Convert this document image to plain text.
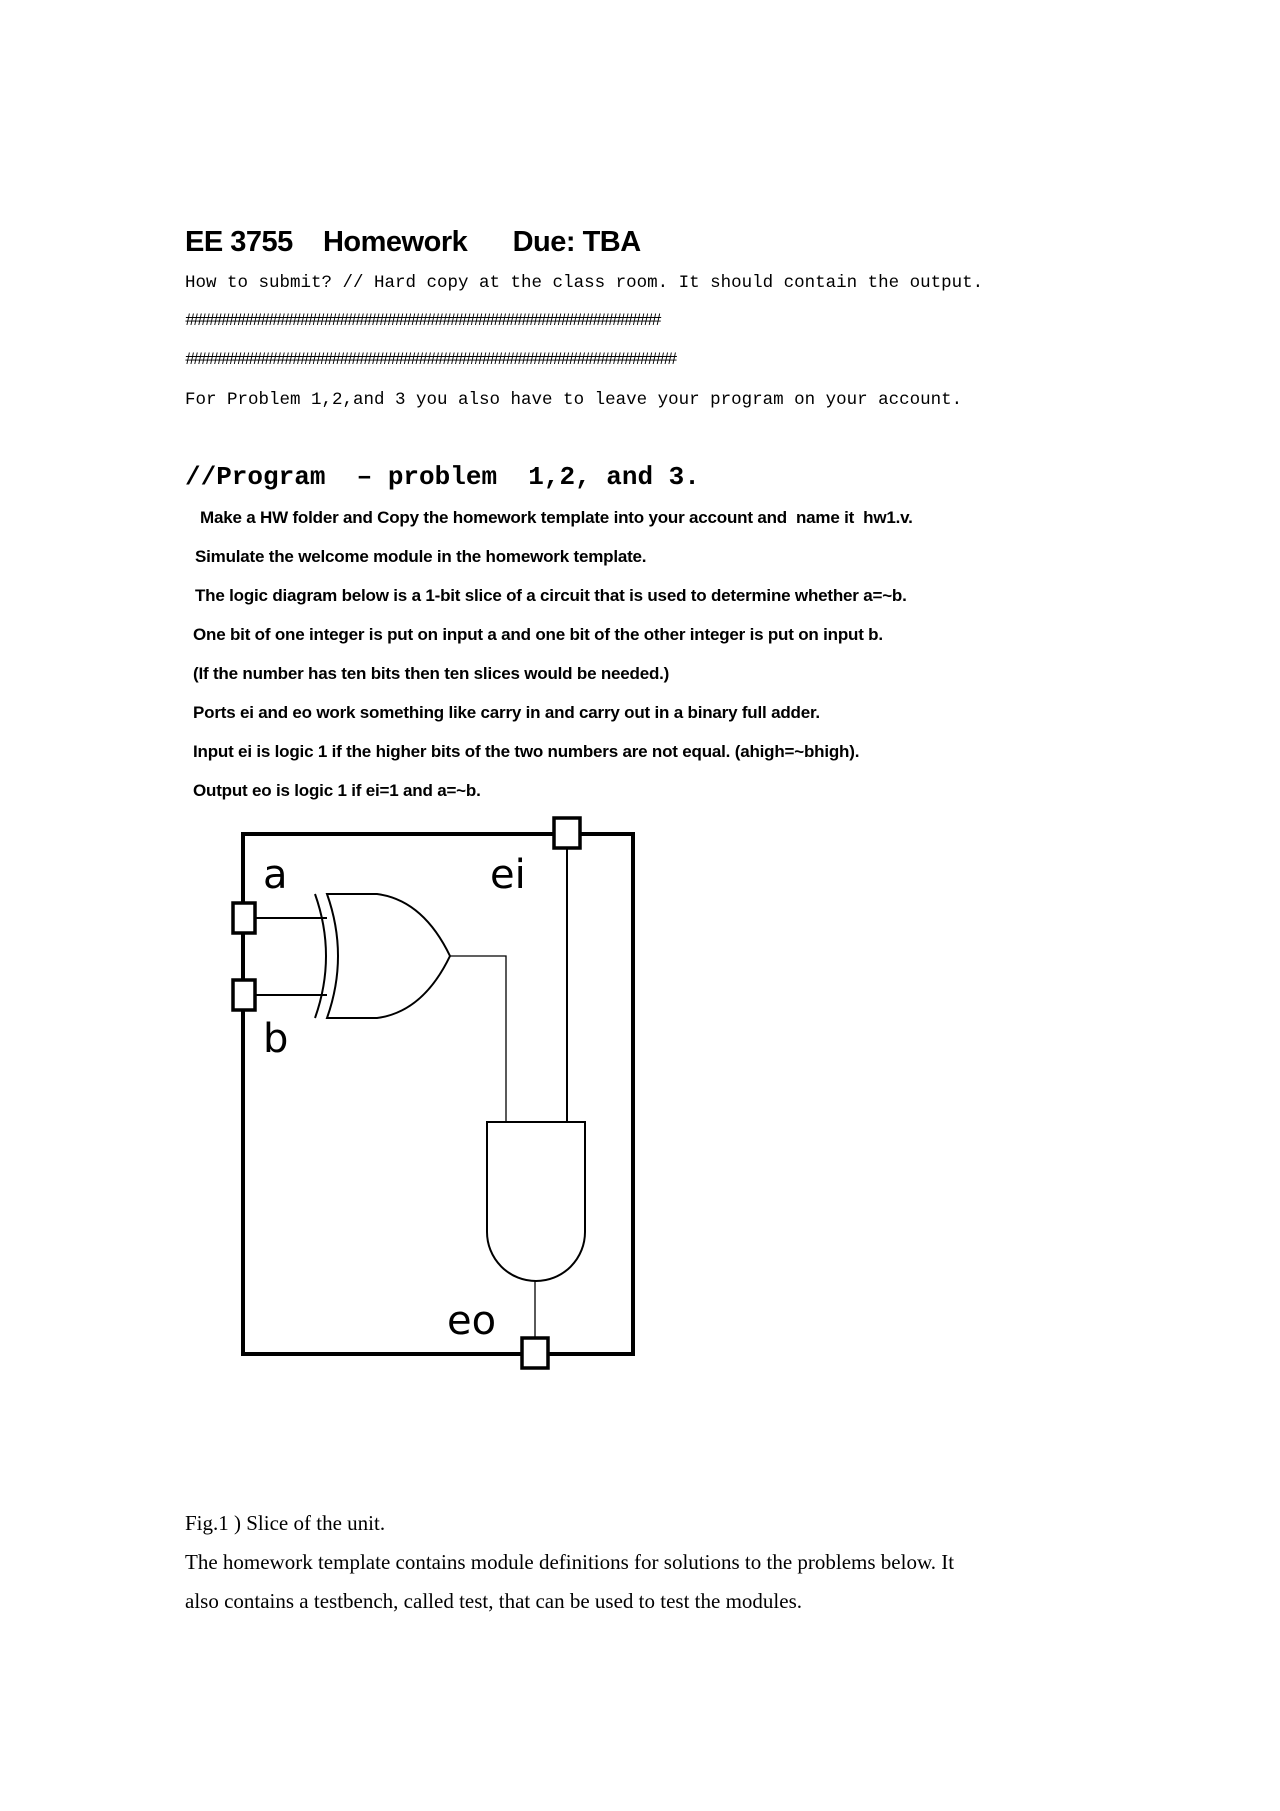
EE 3755    Homework      Due: TBA
How to submit? // Hard copy at the class room. It should contain the output.
############################################################
##############################################################
For Problem 1,2,and 3 you also have to leave your program on your account.
//Program  – problem  1,2, and 3.
Make a HW folder and Copy the homework template into your account and  name it  hw1.v.
Simulate the welcome module in the homework template.
The logic diagram below is a 1-bit slice of a circuit that is used to determine whether a=~b.
One bit of one integer is put on input a and one bit of the other integer is put on input b.
(If the number has ten bits then ten slices would be needed.)
Ports ei and eo work something like carry in and carry out in a binary full adder.
Input ei is logic 1 if the higher bits of the two numbers are not equal. (ahigh=~bhigh).
Output eo is logic 1 if ei=1 and a=~b.
a
b
ei
eo
Fig.1 ) Slice of the unit.
The homework template contains module definitions for solutions to the problems below. It
also contains a testbench, called test, that can be used to test the modules.
